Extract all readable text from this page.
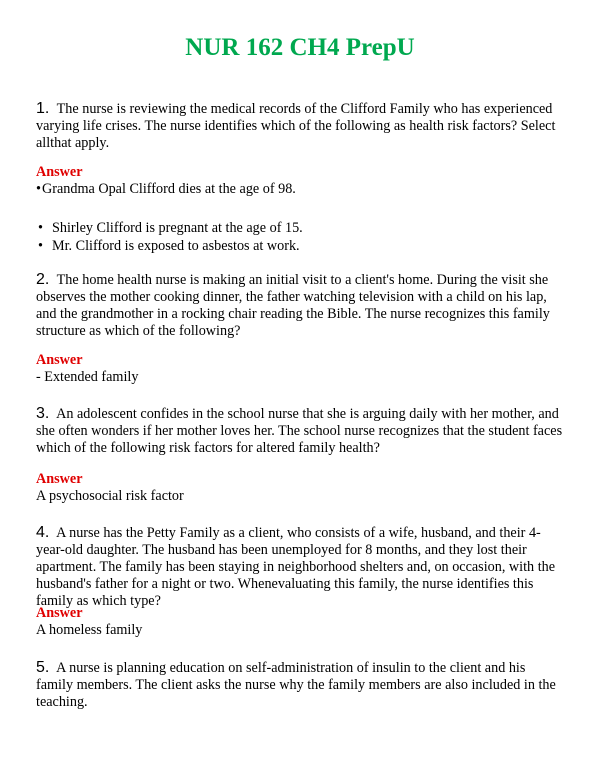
NUR 162 CH4 PrepU

1. The nurse is reviewing the medical records of the Clifford Family who has experienced varying life crises. The nurse identifies which of the following as health risk factors? Select allthat apply.

Answer

•Grandma Opal Clifford dies at the age of 98.

• Shirley Clifford is pregnant at the age of 15.

• Mr. Clifford is exposed to asbestos at work.

2. The home health nurse is making an initial visit to a client's home. During the visit she observes the mother cooking dinner, the father watching television with a child on his lap, and the grandmother in a rocking chair reading the Bible. The nurse recognizes this family structure as which of the following?

Answer

- Extended family

3. An adolescent confides in the school nurse that she is arguing daily with her mother, and she often wonders if her mother loves her. The school nurse recognizes that the student faces which of the following risk factors for altered family health?

Answer

A psychosocial risk factor

4. A nurse has the Petty Family as a client, who consists of a wife, husband, and their 4-year-old daughter. The husband has been unemployed for 8 months, and they lost their apartment. The family has been staying in neighborhood shelters and, on occasion, with the husband's father for a night or two. Whenevaluating this family, the nurse identifies this family as which type?

Answer

A homeless family

5. A nurse is planning education on self-administration of insulin to the client and his family members. The client asks the nurse why the family members are also included in the teaching.
